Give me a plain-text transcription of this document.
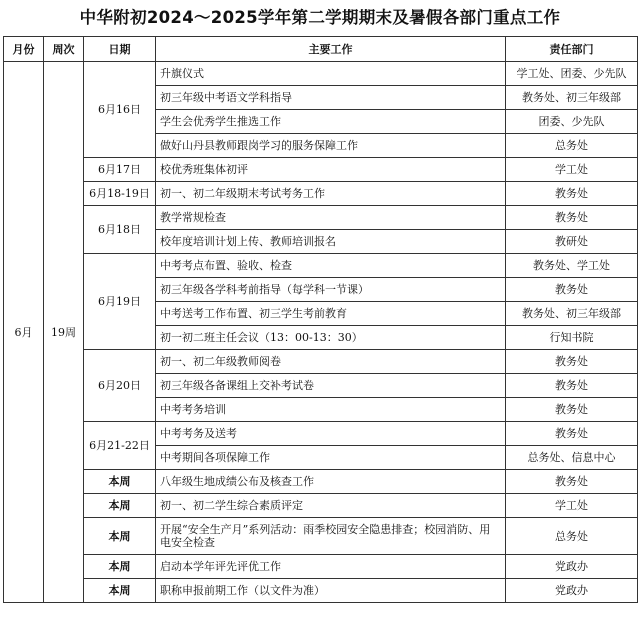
中华附初2024～2025学年第二学期期末及暑假各部门重点工作
月份	周次	日期	主要工作	责任部门
6月	19周	6月16日	升旗仪式	学工处、团委、少先队
			初三年级中考语文学科指导	教务处、初三年级部
			学生会优秀学生推选工作	团委、少先队
			做好山丹县教师跟岗学习的服务保障工作	总务处
		6月17日	校优秀班集体初评	学工处
		6月18-19日	初一、初二年级期末考试考务工作	教务处
		6月18日	教学常规检查	教务处
			校年度培训计划上传、教师培训报名	教研处
		6月19日	中考考点布置、验收、检查	教务处、学工处
			初三年级各学科考前指导（每学科一节课）	教务处
			中考送考工作布置、初三学生考前教育	教务处、初三年级部
			初一初二班主任会议（13：00-13：30）	行知书院
		6月20日	初一、初二年级教师阅卷	教务处
			初三年级各备课组上交补考试卷	教务处
			中考考务培训	教务处
		6月21-22日	中考考务及送考	教务处
			中考期间各项保障工作	总务处、信息中心
		本周	八年级生地成绩公布及核查工作	教务处
		本周	初一、初二学生综合素质评定	学工处
		本周	开展“安全生产月”系列活动：雨季校园安全隐患排查；校园消防、用电安全检查	总务处
		本周	启动本学年评先评优工作	党政办
		本周	职称申报前期工作（以文件为准）	党政办
